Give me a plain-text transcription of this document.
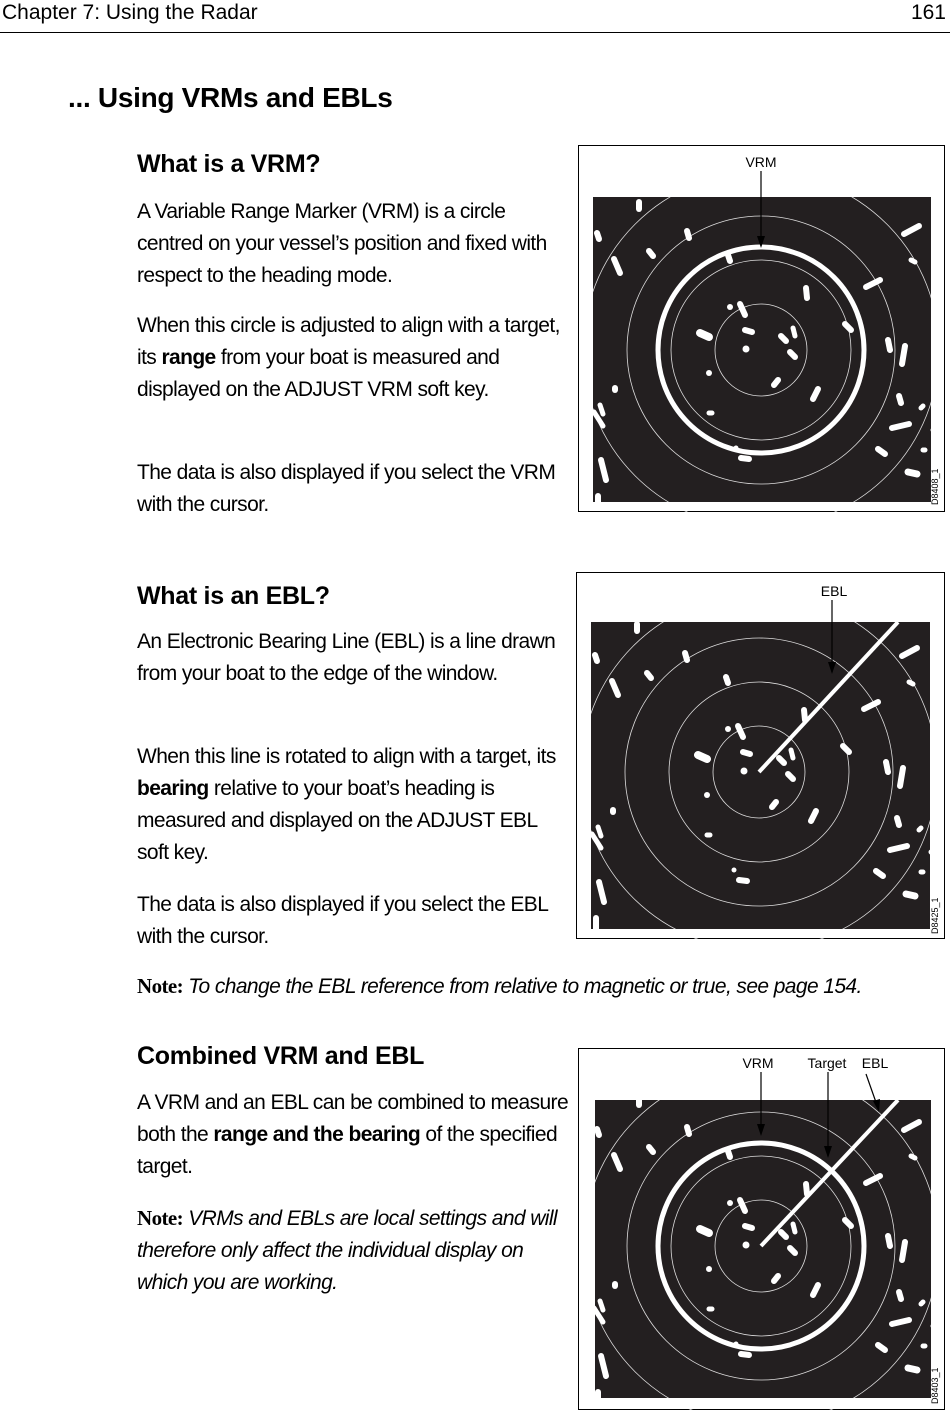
Chapter 7: Using the Radar	161
... Using VRMs and EBLs
What is a VRM?

A Variable Range Marker (VRM) is a circle centred on your vessel’s position and fixed with respect to the heading mode.

When this circle is adjusted to align with a target, its range from your boat is measured and displayed on the ADJUST VRM soft key.

The data is also displayed if you select the VRM with the cursor.

What is an EBL?

An Electronic Bearing Line (EBL) is a line drawn from your boat to the edge of the window.

When this line is rotated to align with a target, its bearing relative to your boat’s heading is measured and displayed on the ADJUST EBL soft key.

The data is also displayed if you select the EBL with the cursor.

Note: To change the EBL reference from relative to magnetic or true, see page 154.

Combined VRM and EBL

A VRM and an EBL can be combined to measure both the range and the bearing of the specified target.

Note: VRMs and EBLs are local settings and will therefore only affect the individual display on which you are working.

VRM
D8408_1
EBL
D8425_1
VRM Target EBL
D8403_1
